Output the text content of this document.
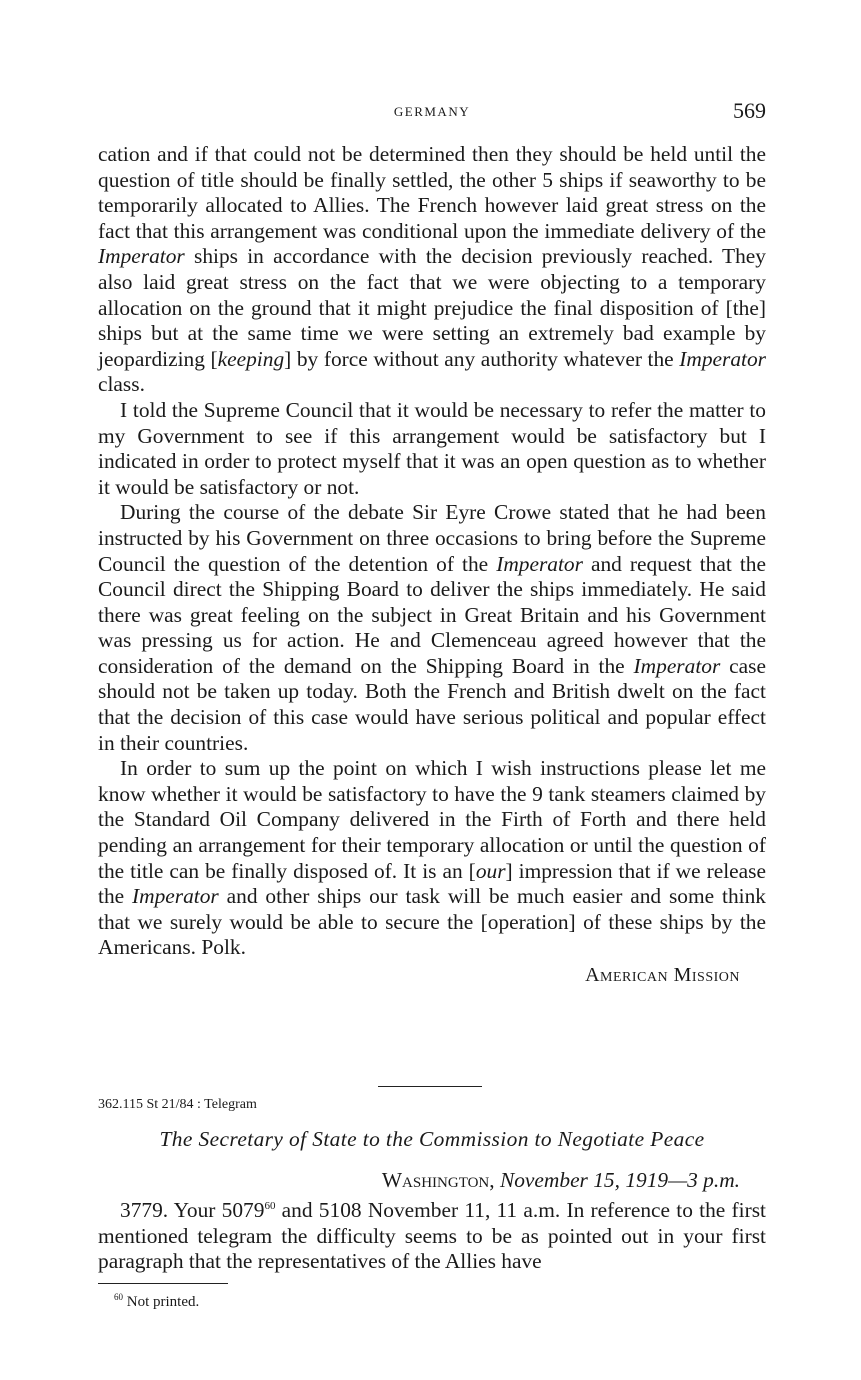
GERMANY	569

cation and if that could not be determined then they should be held until the question of title should be finally settled, the other 5 ships if seaworthy to be temporarily allocated to Allies. The French however laid great stress on the fact that this arrangement was conditional upon the immediate delivery of the Imperator ships in accordance with the decision previously reached. They also laid great stress on the fact that we were objecting to a temporary allocation on the ground that it might prejudice the final disposition of [the] ships but at the same time we were setting an extremely bad example by jeopardizing [keeping] by force without any authority whatever the Imperator class.

I told the Supreme Council that it would be necessary to refer the matter to my Government to see if this arrangement would be satisfactory but I indicated in order to protect myself that it was an open question as to whether it would be satisfactory or not.

During the course of the debate Sir Eyre Crowe stated that he had been instructed by his Government on three occasions to bring before the Supreme Council the question of the detention of the Imperator and request that the Council direct the Shipping Board to deliver the ships immediately. He said there was great feeling on the subject in Great Britain and his Government was pressing us for action. He and Clemenceau agreed however that the consideration of the demand on the Shipping Board in the Imperator case should not be taken up today. Both the French and British dwelt on the fact that the decision of this case would have serious political and popular effect in their countries.

In order to sum up the point on which I wish instructions please let me know whether it would be satisfactory to have the 9 tank steamers claimed by the Standard Oil Company delivered in the Firth of Forth and there held pending an arrangement for their temporary allocation or until the question of the title can be finally disposed of. It is an [our] impression that if we release the Imperator and other ships our task will be much easier and some think that we surely would be able to secure the [operation] of these ships by the Americans. Polk.

American Mission

362.115 St 21/84 : Telegram
The Secretary of State to the Commission to Negotiate Peace
Washington, November 15, 1919—3 p.m.

3779. Your 5079$^{60}$ and 5108 November 11, 11 a.m. In reference to the first mentioned telegram the difficulty seems to be as pointed out in your first paragraph that the representatives of the Allies have

$^{60}$ Not printed.
